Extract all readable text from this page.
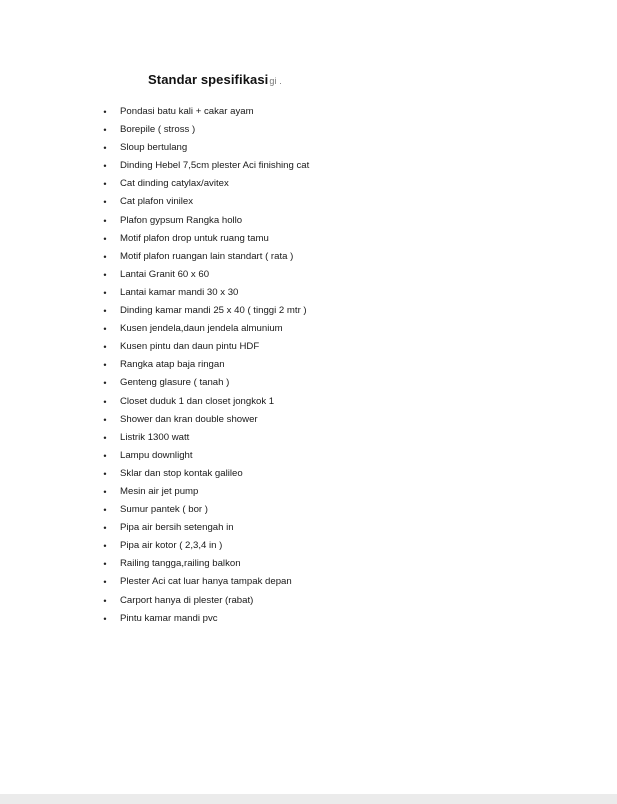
Standar spesifikasigi .
•	Pondasi batu kali + cakar ayam
•	Borepile ( stross )
•	Sloup bertulang
•	Dinding Hebel 7,5cm plester Aci finishing cat
•	Cat dinding catylax/avitex
•	Cat plafon vinilex
•	Plafon gypsum Rangka hollo
•	Motif plafon drop untuk ruang tamu
•	Motif plafon ruangan lain standart ( rata )
•	Lantai Granit 60 x 60
•	Lantai kamar mandi 30 x 30
•	Dinding kamar mandi 25 x 40 ( tinggi 2 mtr )
•	Kusen jendela,daun jendela almunium
•	Kusen pintu dan daun pintu HDF
•	Rangka atap baja ringan
•	Genteng glasure ( tanah )
•	Closet duduk 1 dan closet jongkok 1
•	Shower dan kran double shower
•	Listrik 1300 watt
•	Lampu downlight
•	Sklar dan stop kontak galileo
•	Mesin air jet pump
•	Sumur pantek ( bor )
•	Pipa air bersih setengah in
•	Pipa air kotor ( 2,3,4 in )
•	Railing tangga,railing balkon
•	Plester Aci cat luar hanya tampak depan
•	Carport hanya di plester (rabat)
•	Pintu kamar mandi pvc
